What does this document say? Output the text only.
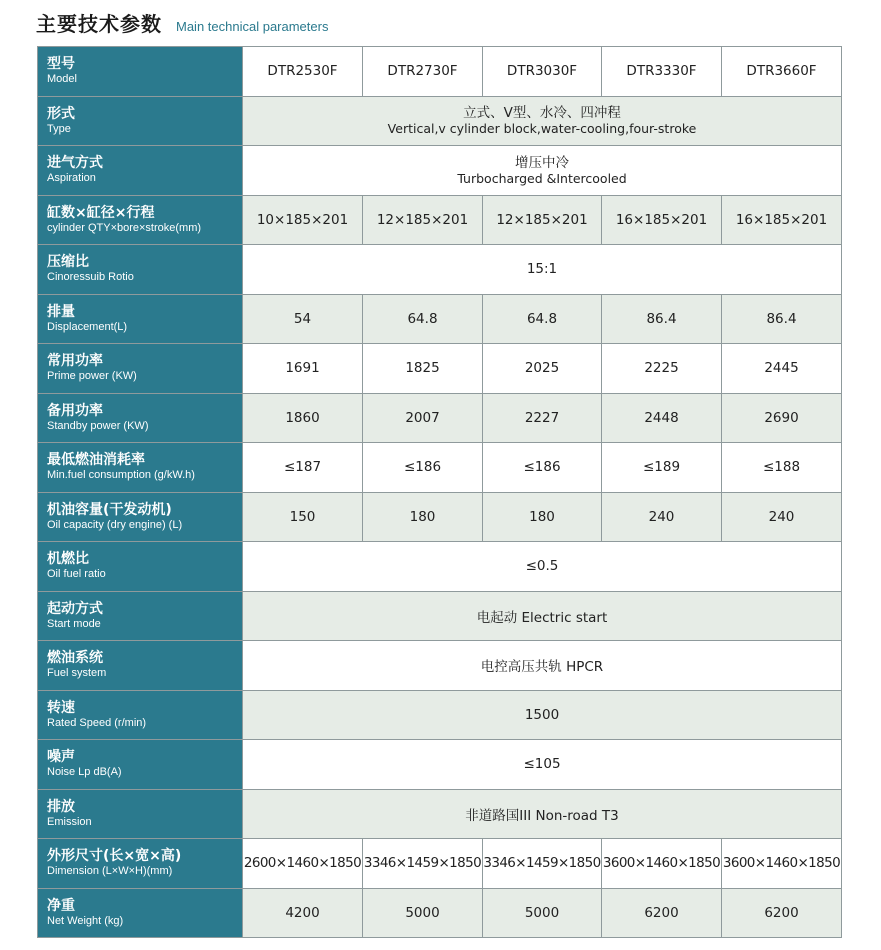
主要技术参数 Main technical parameters
型号
Model	DTR2530F	DTR2730F	DTR3030F	DTR3330F	DTR3660F

形式
Type	立式、V型、水冷、四冲程
Vertical,v cylinder block,water-cooling,four-stroke				

进气方式
Aspiration	增压中冷
Turbocharged &Intercooled				

缸数×缸径×行程
cylinder QTY×bore×stroke(mm)	10×185×201	12×185×201	12×185×201	16×185×201	16×185×201

压缩比
Cinoressuib Rotio	15:1				

排量
Displacement(L)	54	64.8	64.8	86.4	86.4

常用功率
Prime power (KW)	1691	1825	2025	2225	2445

备用功率
Standby power (KW)	1860	2007	2227	2448	2690

最低燃油消耗率
Min.fuel consumption (g/kW.h)	≤187	≤186	≤186	≤189	≤188

机油容量(干发动机)
Oil capacity (dry engine) (L)	150	180	180	240	240

机燃比
Oil fuel ratio	≤0.5				

起动方式
Start mode	电起动 Electric start				

燃油系统
Fuel system	电控高压共轨 HPCR				

转速
Rated Speed (r/min)	1500				

噪声
Noise Lp dB(A)	≤105				

排放
Emission	非道路国III Non-road T3				

外形尺寸(长×宽×高)
Dimension (L×W×H)(mm)	2600×1460×1850	3346×1459×1850	3346×1459×1850	3600×1460×1850	3600×1460×1850

净重
Net Weight (kg)	4200	5000	5000	6200	6200
